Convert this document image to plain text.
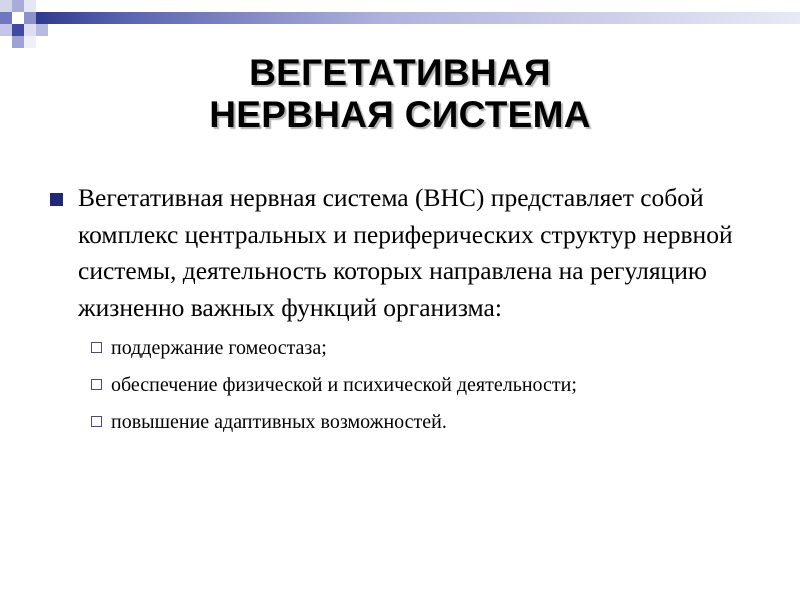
ВЕГЕТАТИВНАЯ
НЕРВНАЯ СИСТЕМА
Вегетативная нервная система (ВНС) представляет собой комплекс центральных и периферических структур нервной системы, деятельность которых направлена на регуляцию жизненно важных функций организма:
поддержание гомеостаза;
обеспечение физической и психической деятельности;
повышение адаптивных возможностей.
